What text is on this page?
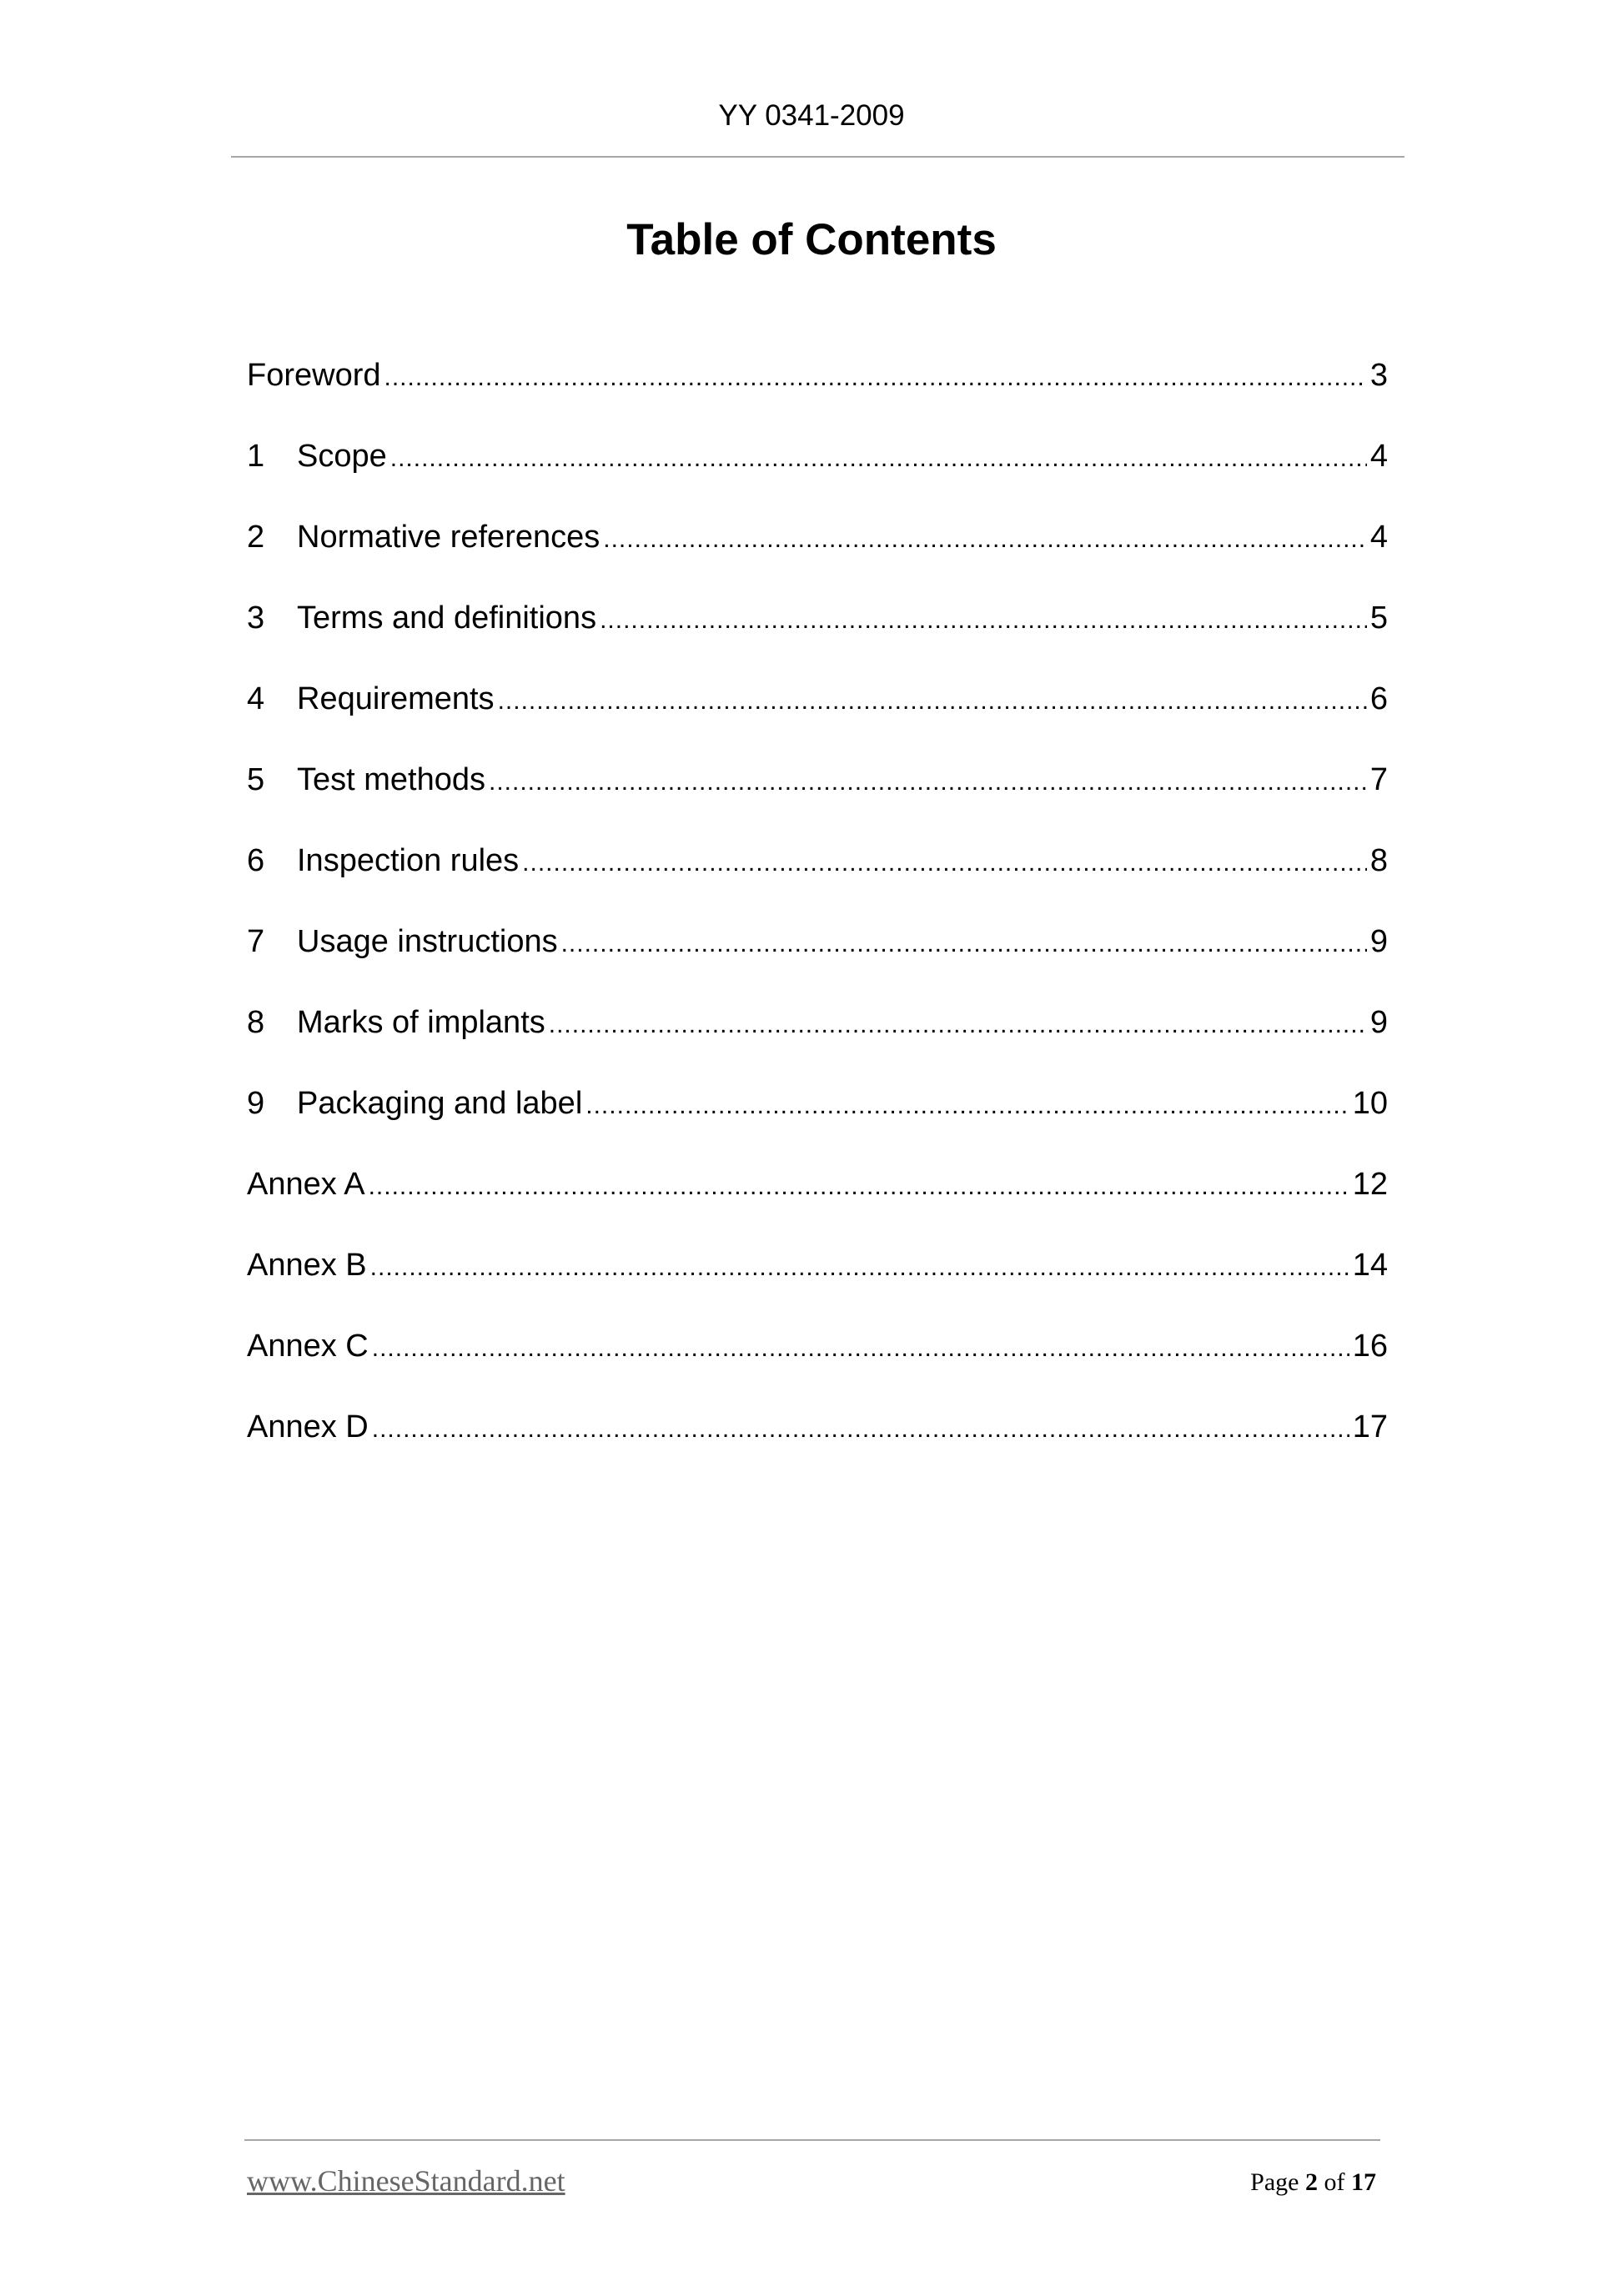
YY 0341-2009
Table of Contents
Foreword .....	3
1	Scope .....	4
2	Normative references .....	4
3	Terms and definitions .....	5
4	Requirements .....	6
5	Test methods .....	7
6	Inspection rules .....	8
7	Usage instructions .....	9
8	Marks of implants .....	9
9	Packaging and label .....	10
Annex A .....	12
Annex B .....	14
Annex C .....	16
Annex D .....	17
www.ChineseStandard.net	Page 2 of 17
